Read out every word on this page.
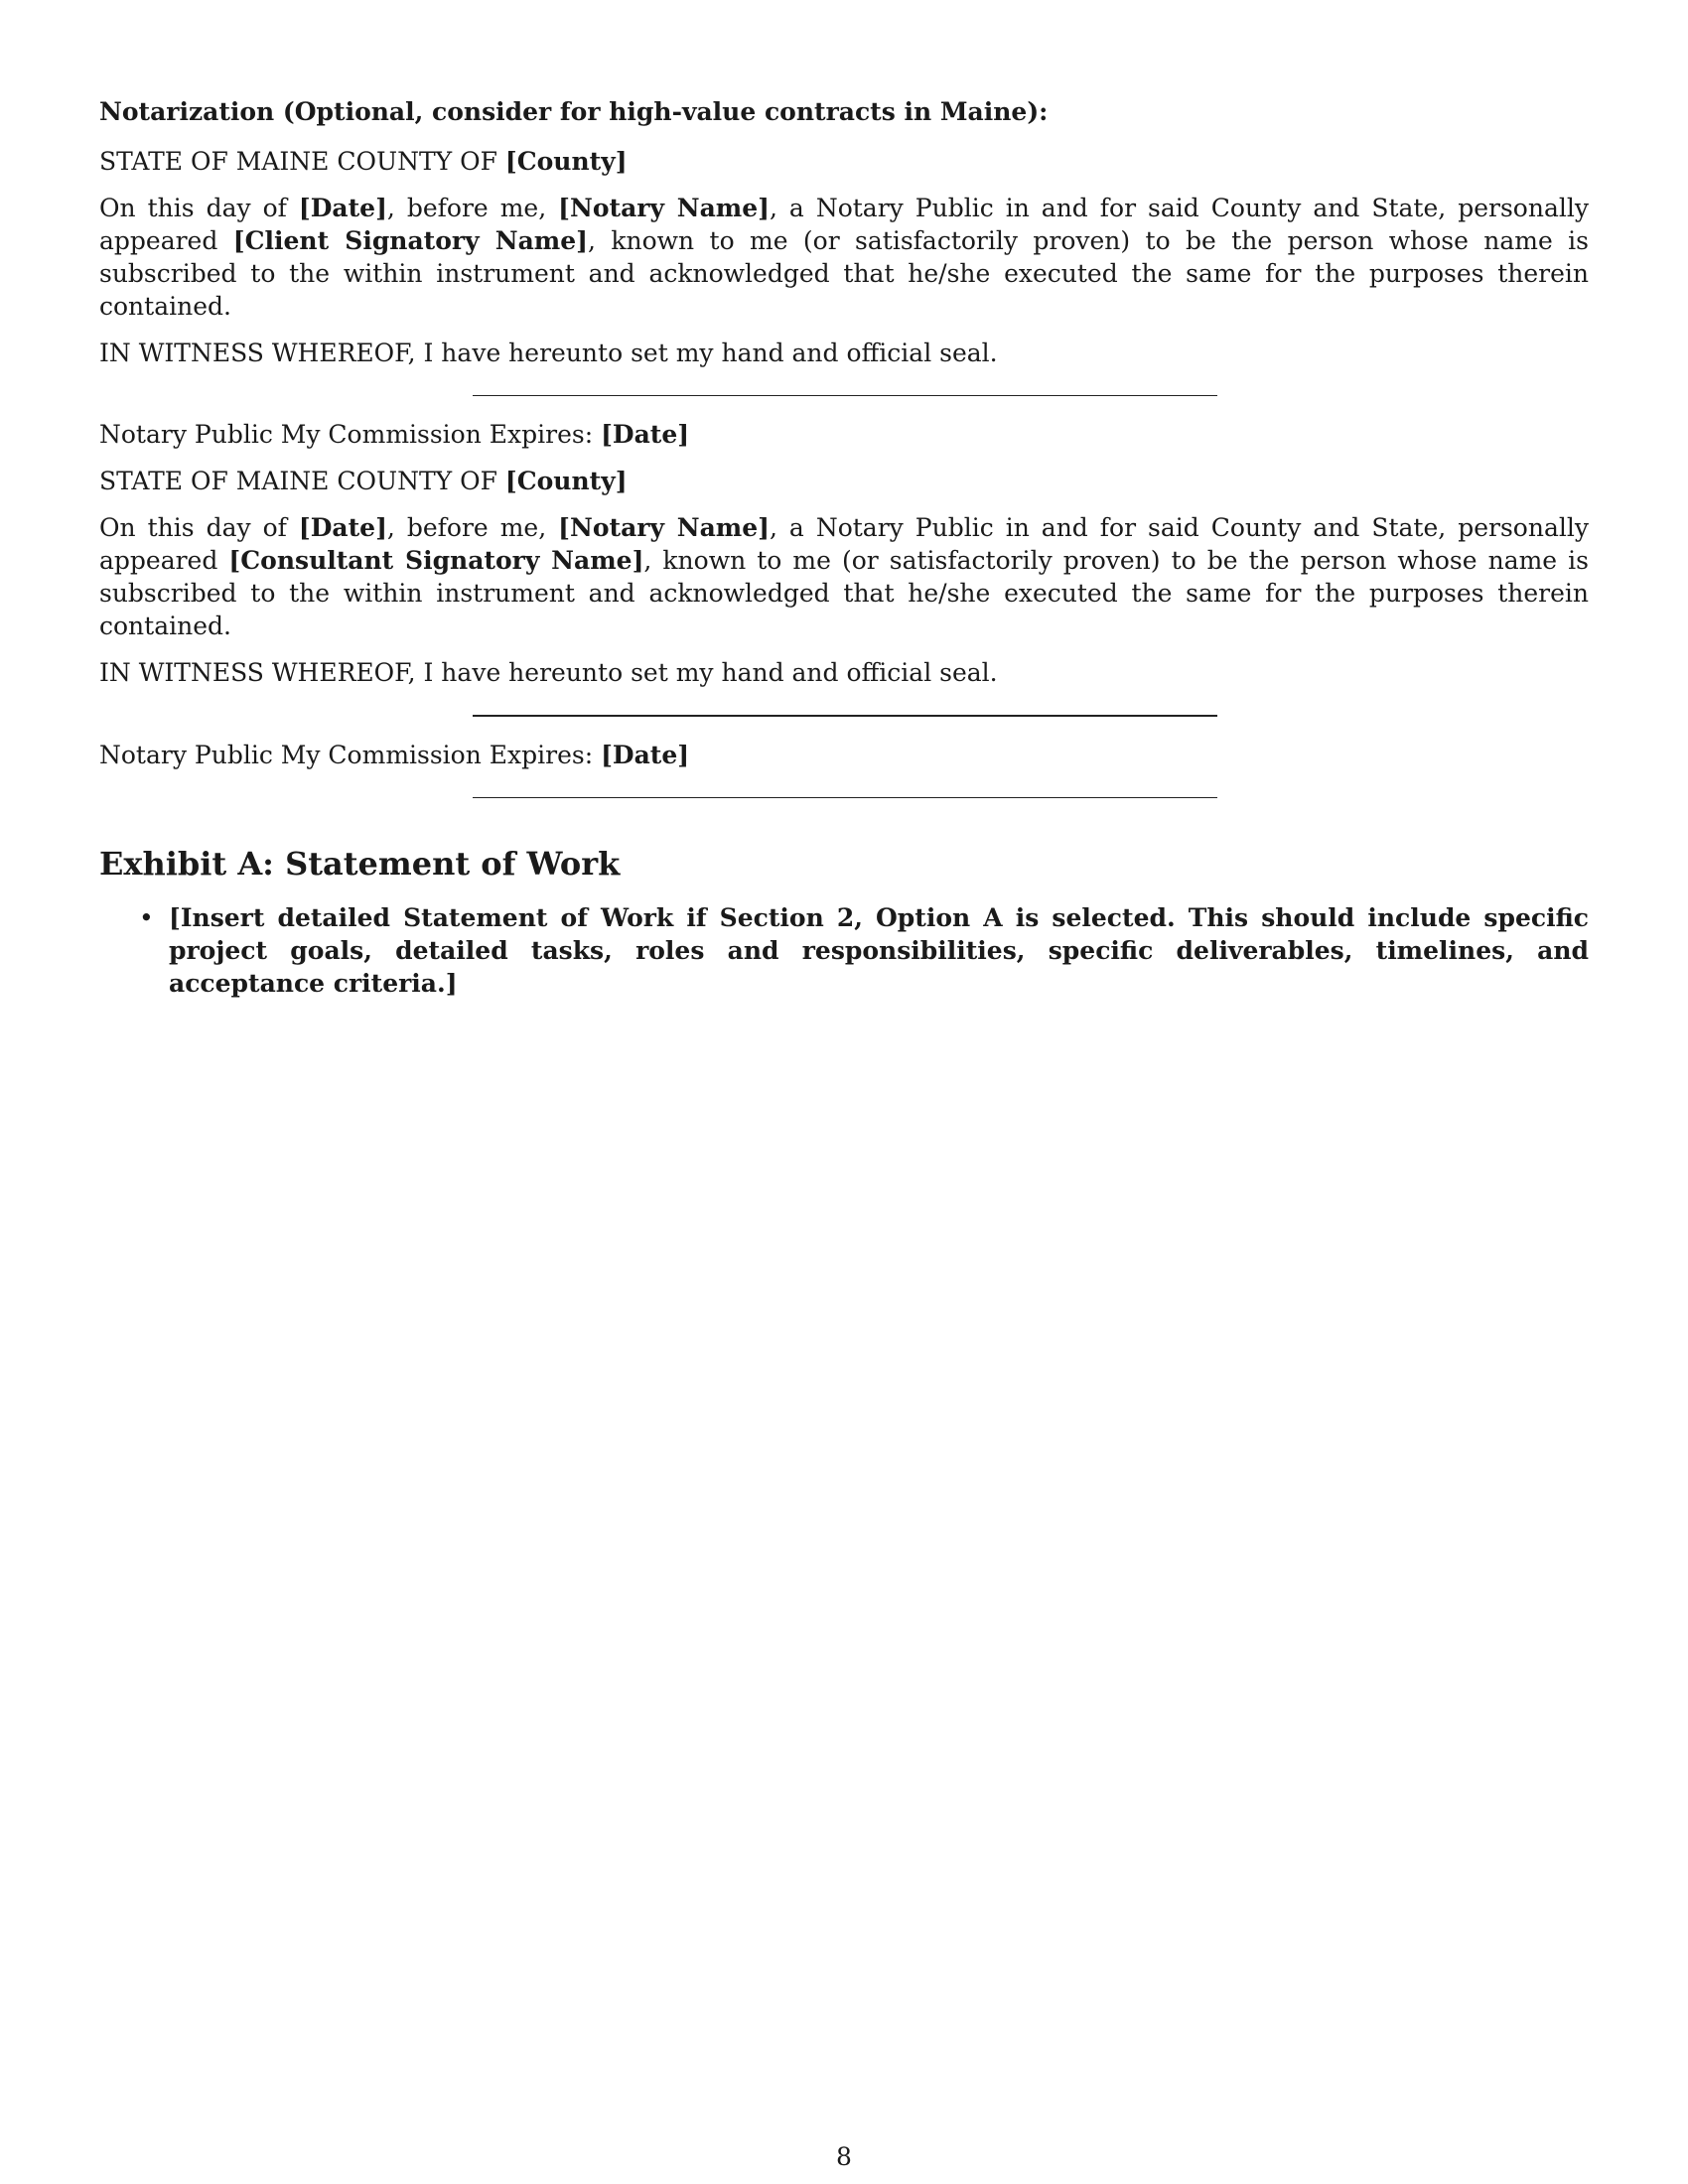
Notarization (Optional, consider for high-value contracts in Maine):

STATE OF MAINE COUNTY OF [County]

On this day of [Date], before me, [Notary Name], a Notary Public in and for said County and State, personally appeared [Client Signatory Name], known to me (or satisfactorily proven) to be the person whose name is subscribed to the within instrument and acknowledged that he/she executed the same for the purposes therein contained.

IN WITNESS WHEREOF, I have hereunto set my hand and official seal.

Notary Public My Commission Expires: [Date]

STATE OF MAINE COUNTY OF [County]

On this day of [Date], before me, [Notary Name], a Notary Public in and for said County and State, personally appeared [Consultant Signatory Name], known to me (or satisfactorily proven) to be the person whose name is subscribed to the within instrument and acknowledged that he/she executed the same for the purposes therein contained.

IN WITNESS WHEREOF, I have hereunto set my hand and official seal.

Notary Public My Commission Expires: [Date]

Exhibit A: Statement of Work
• [Insert detailed Statement of Work if Section 2, Option A is selected. This should include specific project goals, detailed tasks, roles and responsibilities, specific deliverables, timelines, and acceptance criteria.]
8
